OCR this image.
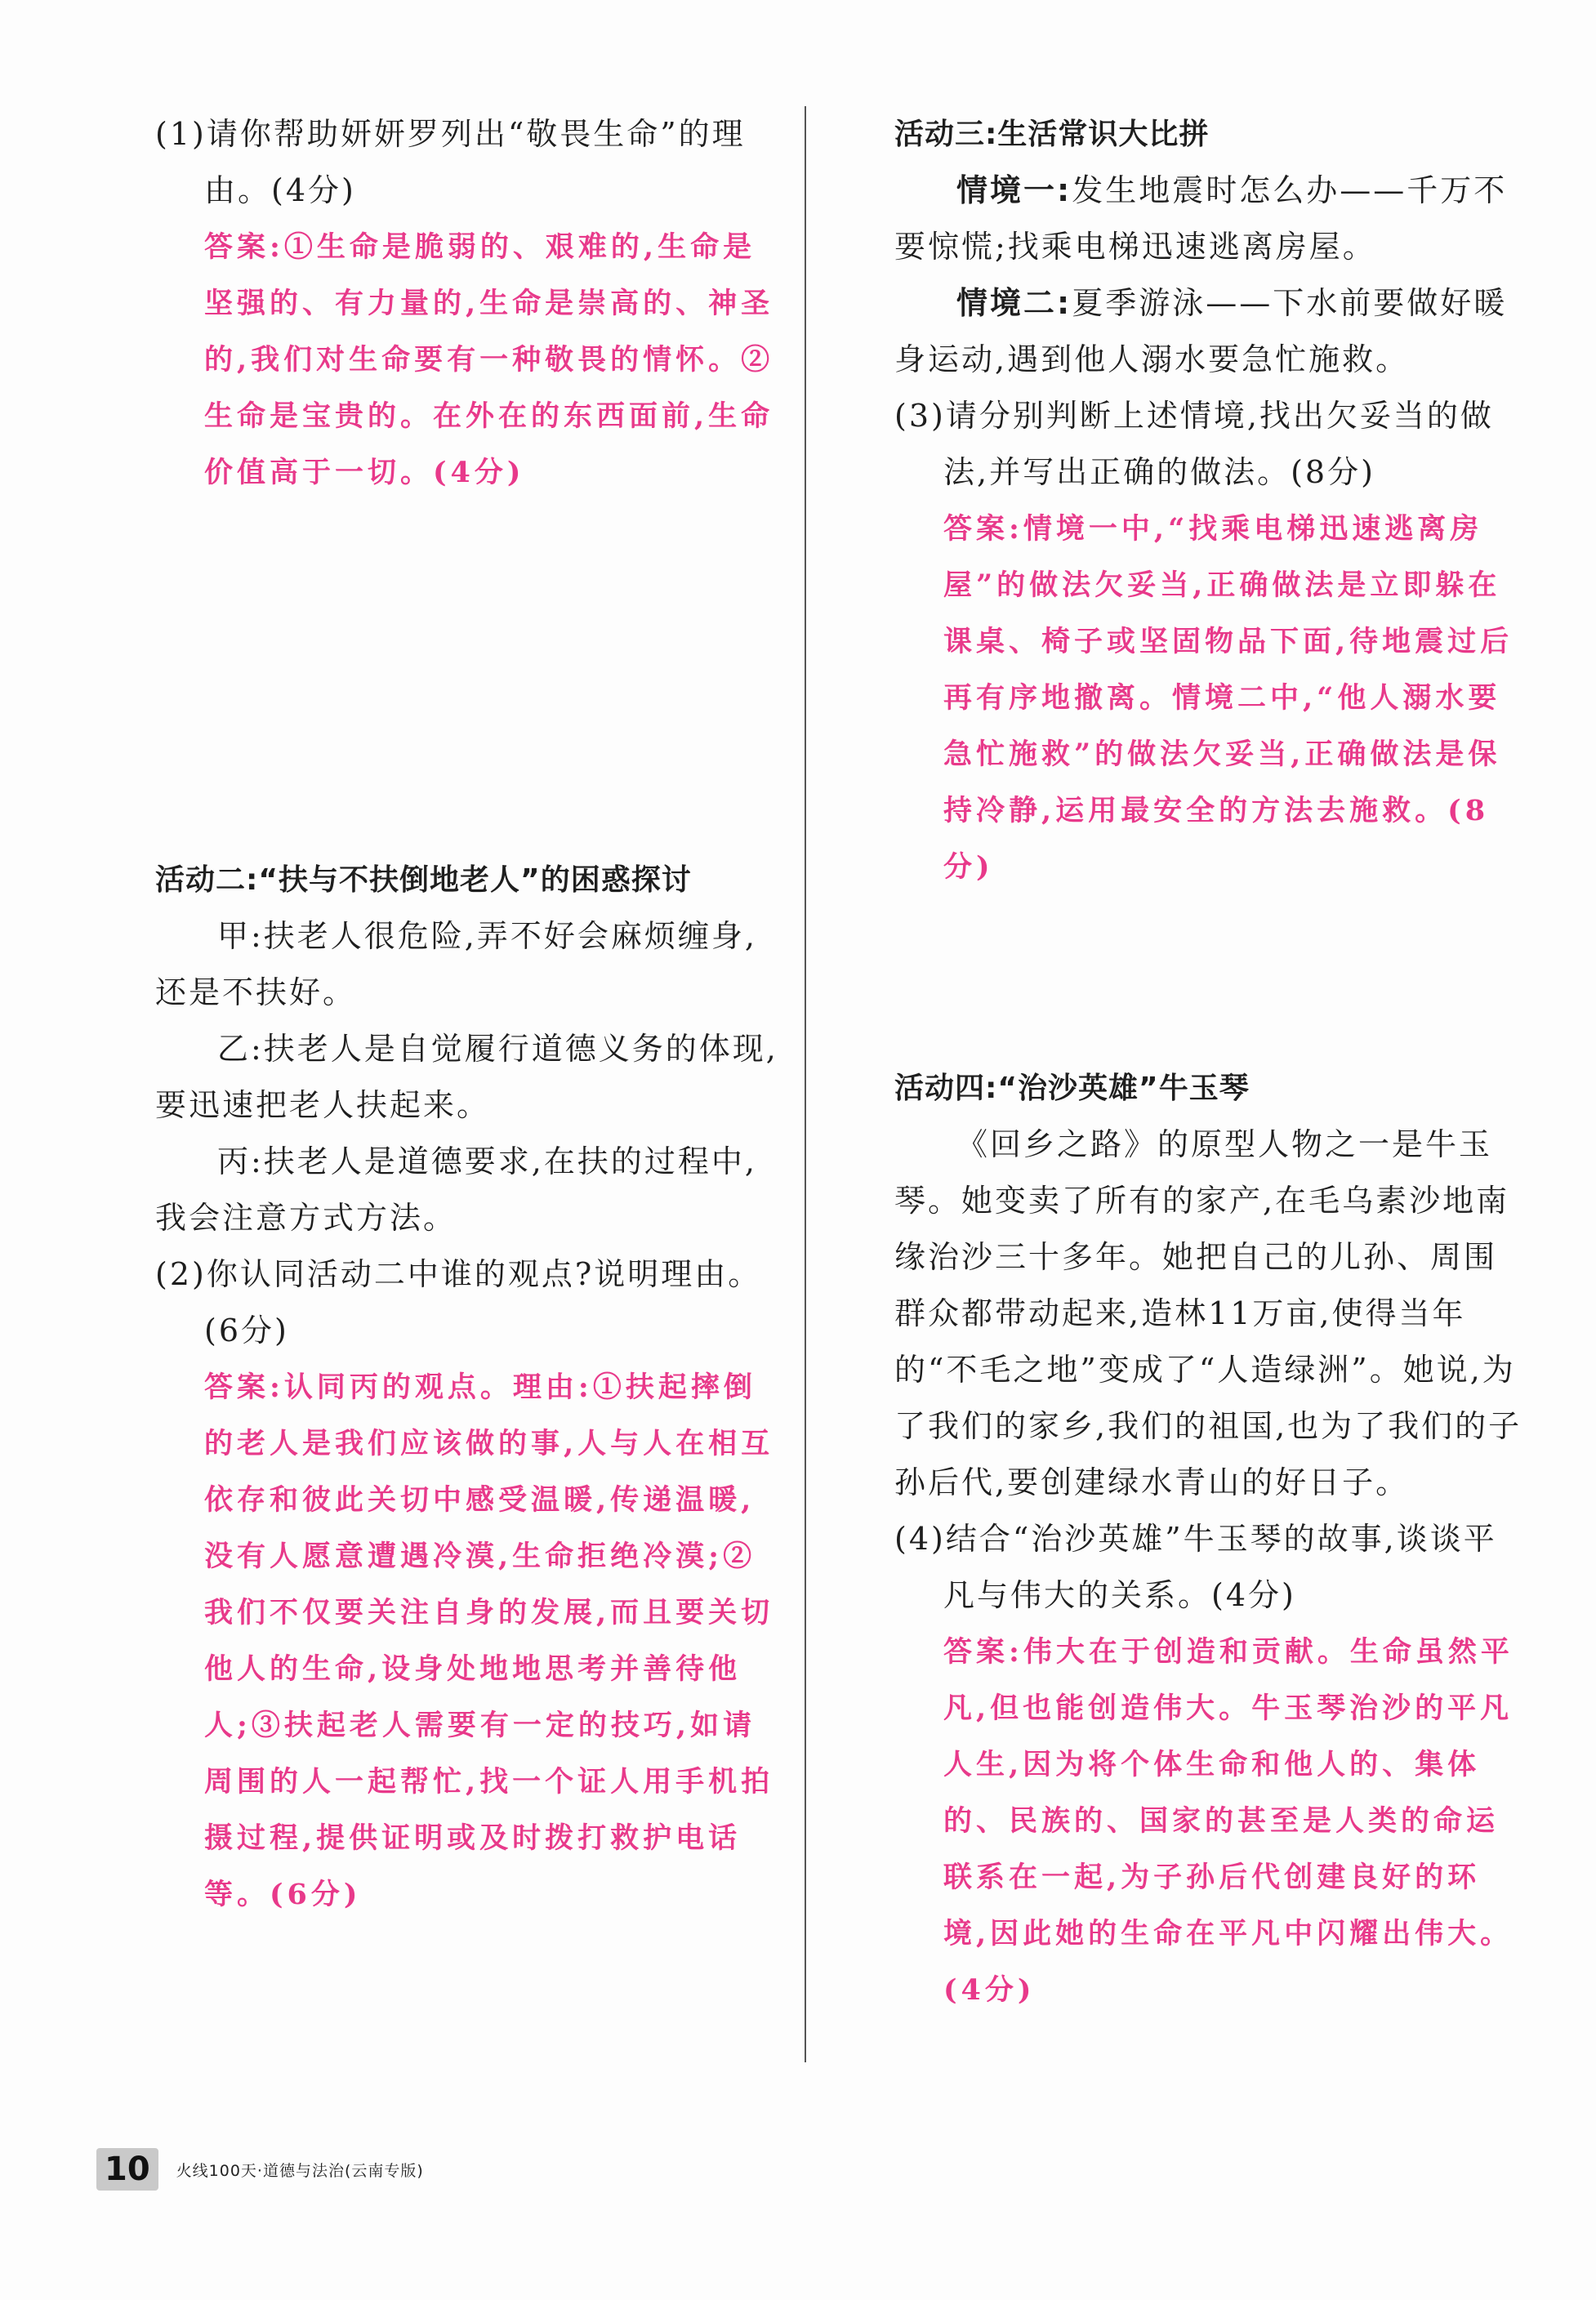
(1)请你帮助妍妍罗列出“敬畏生命”的理由。(4分)

答案:①生命是脆弱的、艰难的,生命是坚强的、有力量的,生命是崇高的、神圣的,我们对生命要有一种敬畏的情怀。②生命是宝贵的。在外在的东西面前,生命价值高于一切。(4分)

活动二:“扶与不扶倒地老人”的困惑探讨

甲:扶老人很危险,弄不好会麻烦缠身,还是不扶好。

乙:扶老人是自觉履行道德义务的体现,要迅速把老人扶起来。

丙:扶老人是道德要求,在扶的过程中,我会注意方式方法。

(2)你认同活动二中谁的观点?说明理由。(6分)

答案:认同丙的观点。理由:①扶起摔倒的老人是我们应该做的事,人与人在相互依存和彼此关切中感受温暖,传递温暖,没有人愿意遭遇冷漠,生命拒绝冷漠;②我们不仅要关注自身的发展,而且要关切他人的生命,设身处地地思考并善待他人;③扶起老人需要有一定的技巧,如请周围的人一起帮忙,找一个证人用手机拍摄过程,提供证明或及时拨打救护电话等。(6分)

活动三:生活常识大比拼

情境一:发生地震时怎么办——千万不要惊慌;找乘电梯迅速逃离房屋。

情境二:夏季游泳——下水前要做好暖身运动,遇到他人溺水要急忙施救。

(3)请分别判断上述情境,找出欠妥当的做法,并写出正确的做法。(8分)

答案:情境一中,“找乘电梯迅速逃离房屋”的做法欠妥当,正确做法是立即躲在课桌、椅子或坚固物品下面,待地震过后再有序地撤离。情境二中,“他人溺水要急忙施救”的做法欠妥当,正确做法是保持冷静,运用最安全的方法去施救。(8分)

活动四:“治沙英雄”牛玉琴

《回乡之路》的原型人物之一是牛玉琴。她变卖了所有的家产,在毛乌素沙地南缘治沙三十多年。她把自己的儿孙、周围群众都带动起来,造林11万亩,使得当年的“不毛之地”变成了“人造绿洲”。她说,为了我们的家乡,我们的祖国,也为了我们的子孙后代,要创建绿水青山的好日子。

(4)结合“治沙英雄”牛玉琴的故事,谈谈平凡与伟大的关系。(4分)

答案:伟大在于创造和贡献。生命虽然平凡,但也能创造伟大。牛玉琴治沙的平凡人生,因为将个体生命和他人的、集体的、民族的、国家的甚至是人类的命运联系在一起,为子孙后代创建良好的环境,因此她的生命在平凡中闪耀出伟大。(4分)

10	火线100天·道德与法治(云南专版)
